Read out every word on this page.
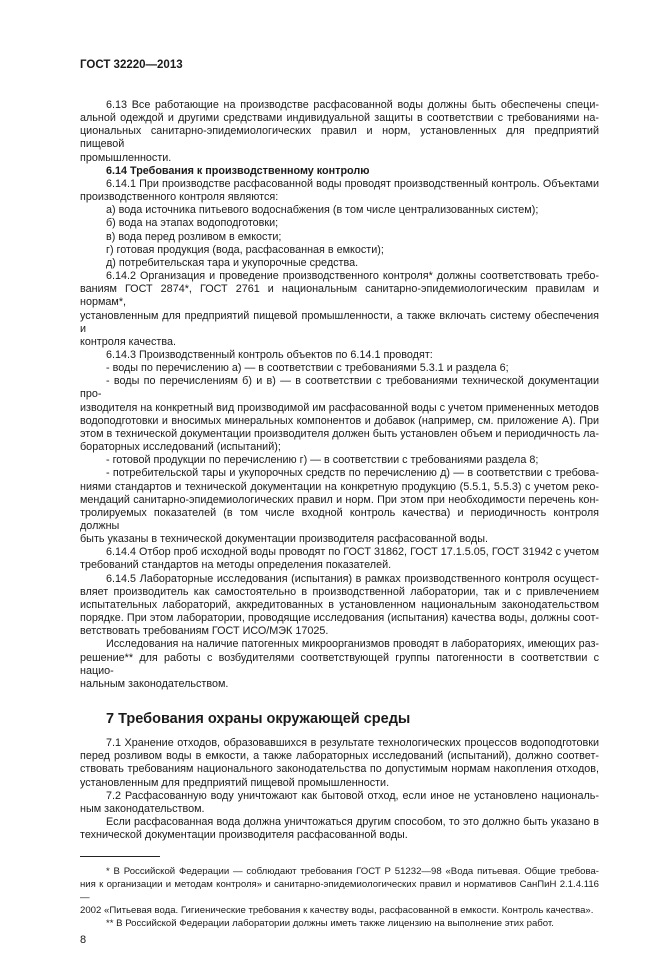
ГОСТ 32220—2013
6.13 Все работающие на производстве расфасованной воды должны быть обеспечены специ-
альной одеждой и другими средствами индивидуальной защиты в соответствии с требованиями на-
циональных санитарно-эпидемиологических правил и норм, установленных для предприятий пищевой
промышленности.
6.14 Требования к производственному контролю
6.14.1 При производстве расфасованной воды проводят производственный контроль. Объектами
производственного контроля являются:
а) вода источника питьевого водоснабжения (в том числе централизованных систем);
б) вода на этапах водоподготовки;
в) вода перед розливом в емкости;
г) готовая продукция (вода, расфасованная в емкости);
д) потребительская тара и укупорочные средства.
6.14.2 Организация и проведение производственного контроля* должны соответствовать требо-
ваниям ГОСТ 2874*, ГОСТ 2761 и национальным санитарно-эпидемиологическим правилам и нормам*,
установленным для предприятий пищевой промышленности, а также включать систему обеспечения и
контроля качества.
6.14.3 Производственный контроль объектов по 6.14.1 проводят:
- воды по перечислению а) — в соответствии с требованиями 5.3.1 и раздела 6;
- воды по перечислениям б) и в) — в соответствии с требованиями технической документации про-
изводителя на конкретный вид производимой им расфасованной воды с учетом примененных методов
водоподготовки и вносимых минеральных компонентов и добавок (например, см. приложение А). При
этом в технической документации производителя должен быть установлен объем и периодичность ла-
бораторных исследований (испытаний);
- готовой продукции по перечислению г) — в соответствии с требованиями раздела 8;
- потребительской тары и укупорочных средств по перечислению д) — в соответствии с требова-
ниями стандартов и технической документации на конкретную продукцию (5.5.1, 5.5.3) с учетом реко-
мендаций санитарно-эпидемиологических правил и норм. При этом при необходимости перечень кон-
тролируемых показателей (в том числе входной контроль качества) и периодичность контроля должны
быть указаны в технической документации производителя расфасованной воды.
6.14.4 Отбор проб исходной воды проводят по ГОСТ 31862, ГОСТ 17.1.5.05, ГОСТ 31942 с учетом
требований стандартов на методы определения показателей.
6.14.5 Лабораторные исследования (испытания) в рамках производственного контроля осущест-
вляет производитель как самостоятельно в производственной лаборатории, так и с привлечением
испытательных лабораторий, аккредитованных в установленном национальным законодательством
порядке. При этом лаборатории, проводящие исследования (испытания) качества воды, должны соот-
ветствовать требованиям ГОСТ ИСО/МЭК 17025.
Исследования на наличие патогенных микроорганизмов проводят в лабораториях, имеющих раз-
решение** для работы с возбудителями соответствующей группы патогенности в соответствии с нацио-
нальным законодательством.
7 Требования охраны окружающей среды
7.1 Хранение отходов, образовавшихся в результате технологических процессов водоподготовки
перед розливом воды в емкости, а также лабораторных исследований (испытаний), должно соответ-
ствовать требованиям национального законодательства по допустимым нормам накопления отходов,
установленным для предприятий пищевой промышленности.
7.2 Расфасованную воду уничтожают как бытовой отход, если иное не установлено националь-
ным законодательством.
Если расфасованная вода должна уничтожаться другим способом, то это должно быть указано в
технической документации производителя расфасованной воды.
* В Российской Федерации — соблюдают требования ГОСТ Р 51232—98 «Вода питьевая. Общие требова-
ния к организации и методам контроля» и санитарно-эпидемиологических правил и нормативов СанПиН 2.1.4.116—
2002 «Питьевая вода. Гигиенические требования к качеству воды, расфасованной в емкости. Контроль качества».
** В Российской Федерации лаборатории должны иметь также лицензию на выполнение этих работ.
8
